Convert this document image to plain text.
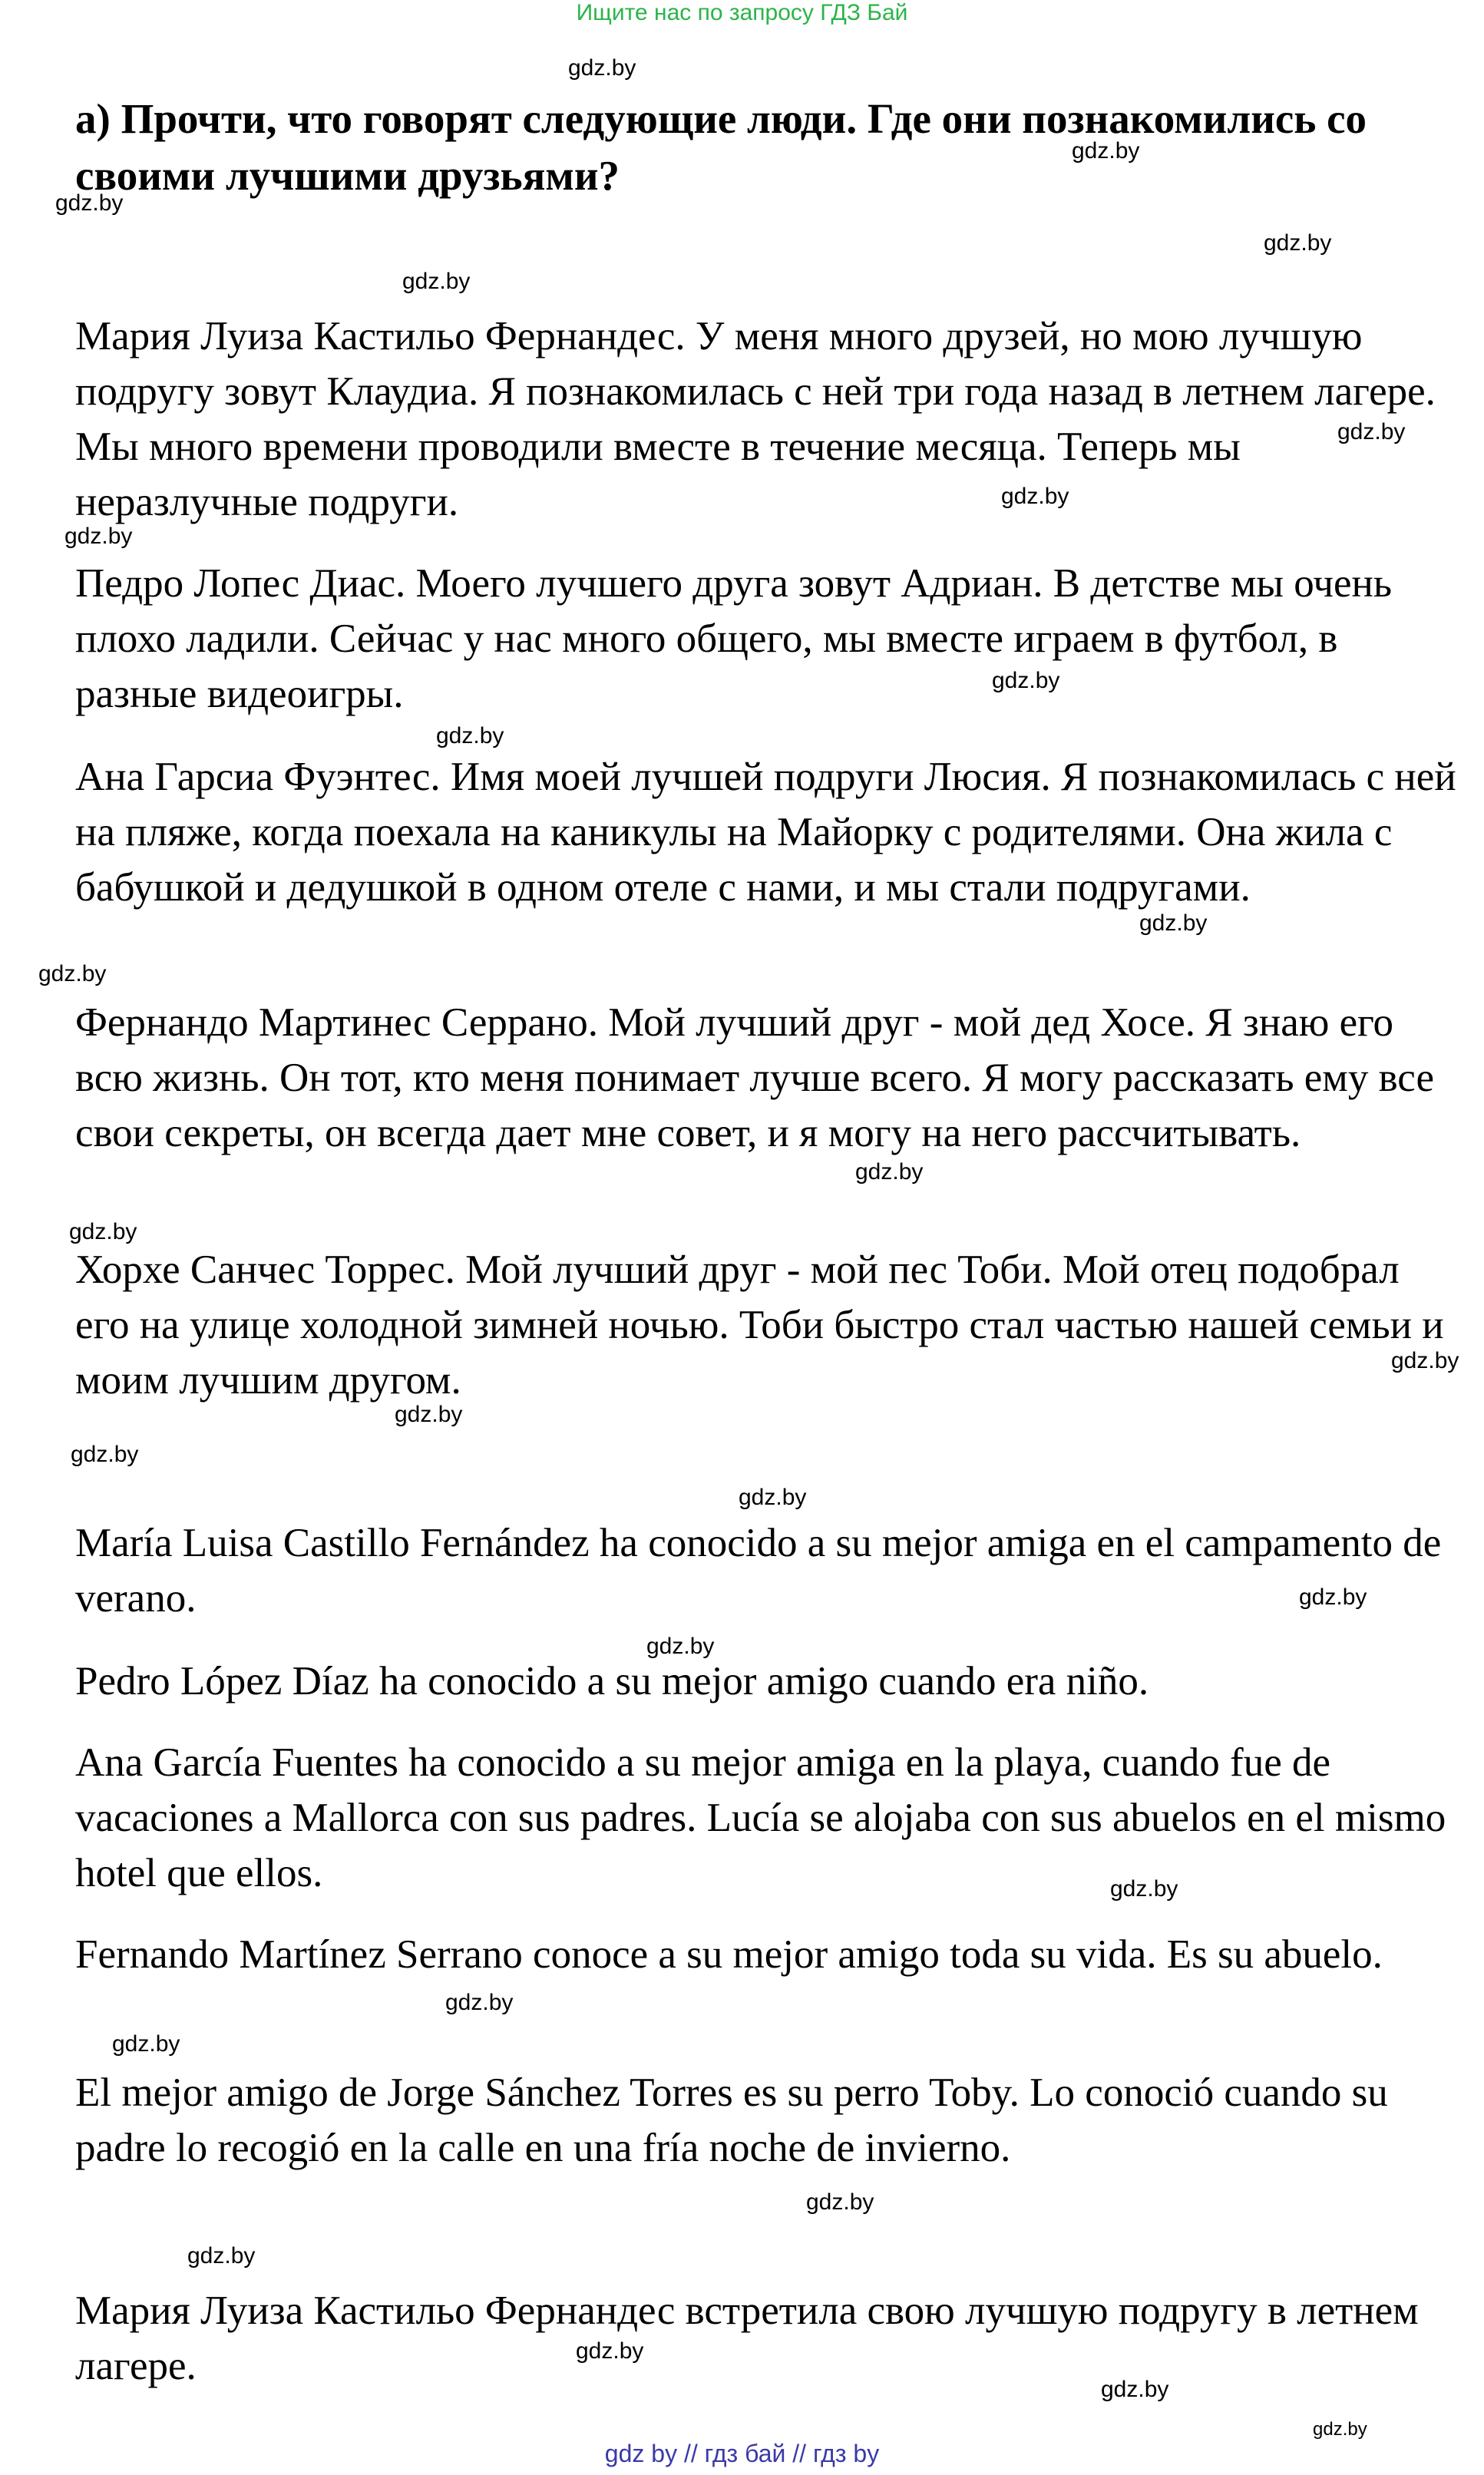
Ищите нас по запросу ГДЗ Бай
а) Прочти, что говорят следующие люди. Где они познакомились со своими лучшими друзьями?

Мария Луиза Кастильо Фернандес. У меня много друзей, но мою лучшую подругу зовут Клаудиа. Я познакомилась с ней три года назад в летнем лагере. Мы много времени проводили вместе в течение месяца. Теперь мы неразлучные подруги.

Педро Лопес Диас. Моего лучшего друга зовут Адриан. В детстве мы очень плохо ладили. Сейчас у нас много общего, мы вместе играем в футбол, в разные видеоигры.

Ана Гарсиа Фуэнтес. Имя моей лучшей подруги Люсия. Я познакомилась с ней на пляже, когда поехала на каникулы на Майорку с родителями. Она жила с бабушкой и дедушкой в одном отеле с нами, и мы стали подругами.

Фернандо Мартинес Серрано. Мой лучший друг - мой дед Хосе. Я знаю его всю жизнь. Он тот, кто меня понимает лучше всего. Я могу рассказать ему все свои секреты, он всегда дает мне совет, и я могу на него рассчитывать.

Хорхе Санчес Торрес. Мой лучший друг - мой пес Тоби. Мой отец подобрал его на улице холодной зимней ночью. Тоби быстро стал частью нашей семьи и моим лучшим другом.

María Luisa Castillo Fernández ha conocido a su mejor amiga en el campamento de verano.

Pedro López Díaz ha conocido a su mejor amigo cuando era niño.

Ana García Fuentes ha conocido a su mejor amiga en la playa, cuando fue de vacaciones a Mallorca con sus padres. Lucía se alojaba con sus abuelos en el mismo hotel que ellos.

Fernando Martínez Serrano conoce a su mejor amigo toda su vida. Es su abuelo.

El mejor amigo de Jorge Sánchez Torres es su perro Toby. Lo conoció cuando su padre lo recogió en la calle en una fría noche de invierno.

Мария Луиза Кастильо Фернандес встретила свою лучшую подругу в летнем лагере.

gdz.by
gdz.by
gdz.by
gdz.by
gdz.by
gdz.by
gdz.by
gdz.by
gdz.by
gdz.by
gdz.by
gdz.by
gdz.by
gdz.by
gdz.by
gdz.by
gdz.by
gdz.by
gdz.by
gdz.by
gdz.by
gdz.by
gdz.by
gdz.by
gdz.by
gdz.by
gdz.by
gdz.by
gdz by // гдз бай // гдз by
